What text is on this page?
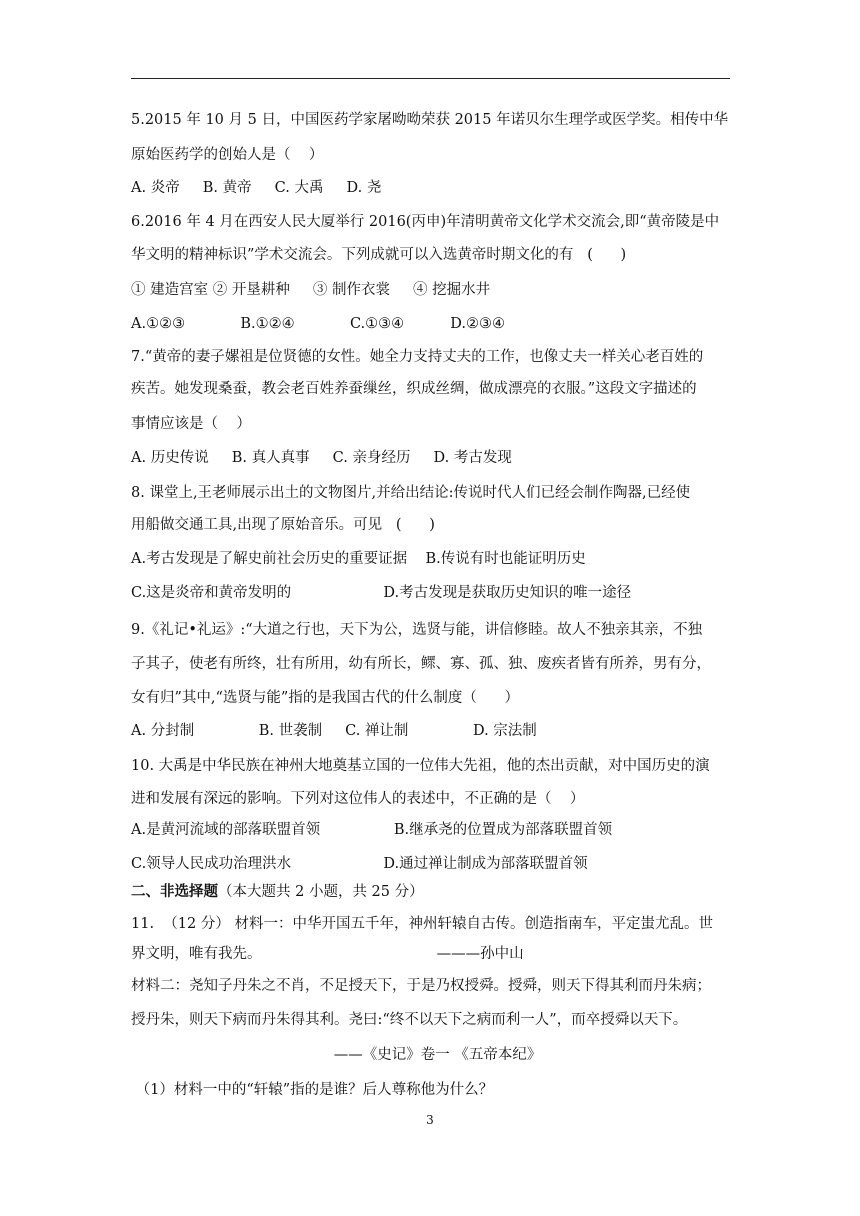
5.2015 年 10 月 5 日，中国医药学家屠呦呦荣获 2015 年诺贝尔生理学或医学奖。相传中华
原始医药学的创始人是（    ）
A. 炎帝     B. 黄帝     C. 大禹     D. 尧
6.2016 年 4 月在西安人民大厦举行 2016(丙申)年清明黄帝文化学术交流会,即“黄帝陵是中
华文明的精神标识”学术交流会。下列成就可以入选黄帝时期文化的有   (      )
① 建造宫室 ② 开垦耕种     ③ 制作衣裳     ④ 挖掘水井
A.①②③            B.①②④            C.①③④          D.②③④
7.“黄帝的妻子嫘祖是位贤德的女性。她全力支持丈夫的工作，也像丈夫一样关心老百姓的
疾苦。她发现桑蚕，教会老百姓养蚕缫丝，织成丝绸，做成漂亮的衣服。”这段文字描述的
事情应该是（    ）
A. 历史传说     B. 真人真事     C. 亲身经历     D. 考古发现
8. 课堂上,王老师展示出土的文物图片,并给出结论:传说时代人们已经会制作陶器,已经使
用船做交通工具,出现了原始音乐。可见   (      )
A.考古发现是了解史前社会历史的重要证据    B.传说有时也能证明历史
C.这是炎帝和黄帝发明的                    D.考古发现是获取历史知识的唯一途径
9.《礼记•礼运》:“大道之行也，天下为公，选贤与能，讲信修睦。故人不独亲其亲，不独
子其子，使老有所终，壮有所用，幼有所长，鳏、寡、孤、独、废疾者皆有所养，男有分，
女有归”其中,“选贤与能”指的是我国古代的什么制度（      ）
A. 分封制              B. 世袭制     C. 禅让制              D. 宗法制
10. 大禹是中华民族在神州大地奠基立国的一位伟大先祖，他的杰出贡献，对中国历史的演
进和发展有深远的影响。下列对这位伟人的表述中，不正确的是（    ）
A.是黄河流域的部落联盟首领                B.继承尧的位置成为部落联盟首领
C.领导人民成功治理洪水                    D.通过禅让制成为部落联盟首领
11.  （12 分） 材料一：中华开国五千年，神州轩辕自古传。创造指南车，平定蚩尤乱。世
界文明，唯有我先。                                      ———孙中山
材料二：尧知子丹朱之不肖，不足授天下，于是乃权授舜。授舜，则天下得其利而丹朱病；
授丹朱，则天下病而丹朱得其利。尧曰:“终不以天下之病而利一人”，而卒授舜以天下。
——《史记》卷一 《五帝本纪》
（1）材料一中的“轩辕”指的是谁？后人尊称他为什么？
二、非选择题（本大题共 2 小题，共 25 分）
3
